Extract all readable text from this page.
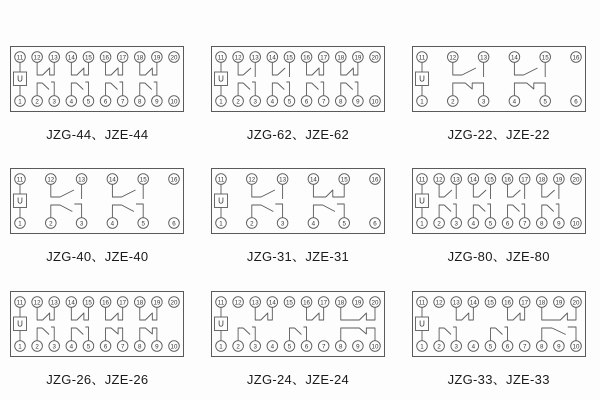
U
11 12 13 14 15 16 17 18 19 20
1 2 3 4 5 6 7 8 9 10
JZG-44、JZE-44
U
11 12 13 14 15 16 17 18 19 20
1 2 3 4 5 6 7 8 9 10
JZG-62、JZE-62
U
11	12	13	14	15	16
1	2	3	4	5	6
JZG-22、JZE-22
U
11	12	13	14	15	16
1	2	3	4	5	6
JZG-40、JZE-40
U
11	12	13	14	15	16
1	2	3	4	5	6
JZG-31、JZE-31
U
11 12 13 14 15 16 17 18 19 20
1 2 3 4 5 6 7 8 9 10
JZG-80、JZE-80
U
11 12 13 14 15 16 17 18 19 20
1 2 3 4 5 6 7 8 9 10
JZG-26、JZE-26
U
11 12 13 14 15 16 17 18 19 20
1 2 3 4 5 6 7 8 9 10
JZG-24、JZE-24
U
11 12 13 14 15 16 17 18 19 20
1 2 3 4 5 6 7 8 9 10
JZG-33、JZE-33
